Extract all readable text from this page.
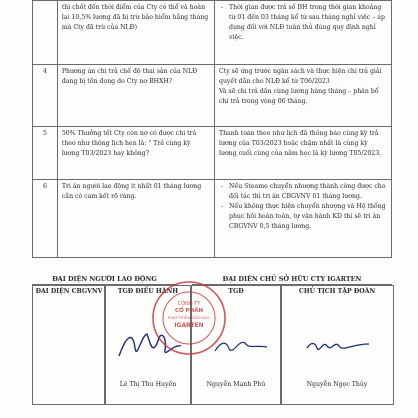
	thì chốt đến thời điểm của Cty có thể và hoàn lại 10,5% lương đã bị trừ bảo hiểm hằng tháng mà Cty đã trừ của NLĐ)	- Thời gian được trả số BH trong thời gian khoảng từ 01 đến 03 tháng kể từ sau tháng nghỉ việc – áp dụng đối với NLĐ tuân thủ đúng quy định nghỉ việc.

4	Phương án chi trả chế độ thai sản của NLĐ đang bị tồn đọng do Cty nợ BHXH?	Cty sẽ ứng trước ngân sách và thực hiện chi trả giải quyết dần cho NLĐ kể từ T06/2023
Và sẽ chi trả dần cùng lương hàng tháng – phân bổ chi trả trong vòng 06 tháng.

5	50% Thưởng tết Cty còn nợ có được chi trả theo như thông lịch hẹn là: " Trả cùng kỳ lương T03/2023 hay không?	Thanh toán theo như lịch đã thông báo cùng kỳ trả lương của T03/2023 hoặc chậm nhất là cùng kỳ lương cuối cùng của năm học là kỳ lương T05/2023.

6	Tri ân người lao động it nhất 01 tháng lương cần có cam kết rõ ràng.	- Nếu Steame chuyển nhượng thành công được cho đối tác thì tri ân CBGVNV 01 tháng lương.
- Nếu không thực hiện chuyển nhượng và Hệ thống phục hồi hoàn toàn, tự vận hành KD thì sẽ tri ân CBGVNV 0,5 tháng lương.
ĐẠI DIỆN NGƯỜI LAO ĐỘNG	ĐẠI DIỆN CHỦ SỞ HỮU CTY IGARTEN
ĐẠI DIỆN CBGVNV	TGĐ ĐIỀU HÀNH
Lê Thị Thu Huyền
TGĐ
Nguyễn Mạnh Phú
CHỦ TỊCH TẬP ĐOÀN
Nguyễn Ngọc Thủy
CÔNG TY
CỔ PHẦN
PHÁT TRIỂN GIÁO DỤC
IGARTEN
